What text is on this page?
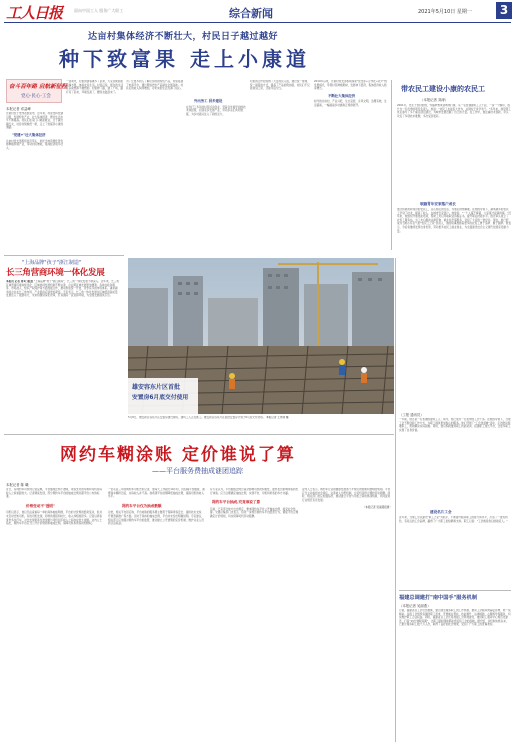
工人日报	面向中国工人 服务广大职工	综合新闻	2021年5月10日 星期一	3
达亩村集体经济不断壮大，村民日子越过越好
种下致富果 走上小康道
奋斗百年路 启航新征程
党心·民心·工会
本报记者 邓益峰
达亩村位于贵州省凯里市，近年来，村里坚持党建引领，发展特色产业，壮大集体经济，群众生活水平不断提高。村民们在家门口就能就业，日子越过越红火，村容村貌焕然一新，走上了致富奔小康的道路。
"党建+"壮大集体经济
达亩村党支部组织党员带头，依托当地资源优势发展种植养殖产业，带动村民增收，集体经济逐年壮大。
一到周末，村里的游客就多了起来，大家到果园里采摘水果，体验农家生活。村民们说，现在的生活是以前想都不敢想的。村里修了路，建了广场，路灯亮了起来，环境变美了，腰包也鼓起来了。
为了让更多的人了解达亩村的特色产品，村里搭建了电商平台，通过网络把农产品销往全国各地。村民们的收入持续增加，对未来的生活充满了信心。
外出务工 回乡建设
在外打工多年的村民返乡创业，带着在外面学到的技术和经验，回到家乡发展产业，带动乡亲们共同致富，为乡村振兴注入了新的活力。
村里的合作社吸纳了大量村民入股，通过统一管理、统一销售的方式，提高了产品的附加值，村民们不仅能领到工资，还能年底分红。
2019年以来，达亩村党支部积极探索"党支部+合作社+农户"的发展模式，带领村民种植果树，发展林下经济，集体经济收入稳步增长。
不断壮大集体经济
如今的达亩村，产业兴旺，生态宜居，乡风文明，治理有效，生活富裕，一幅美丽乡村画卷正徐徐展开。
带农民工建设小康的农民工
（本报记者 刘涛）
2001年，出生于农村的他，怀揣梦想来到城市打拼，从一名普通建筑工人干起，一步一个脚印，成长为一名优秀的项目负责人。他说："农民工也能有大作为，关键在于肯学肯干。"多年来，他带领工友们参与了多个重点项目建设，为城市发展贡献了自己的力量。在工作中，他注重技术创新，带头攻克了多项技术难题，多次受到表彰。
领跑青年安家落户成长
他还积极帮助身边的农民工，关心他们的生活，为他们排忧解难。在他的带领下，越来越多的农民工学到了技术，提高了收入，在城市安家落户。他常说："一个人富不算富，大家富才是真的富。"近年来，他组织开展技能培训，帮助工友们考取职业资格证书，提升职业技能水平。他还牵头成立了农民工服务站，为工友们提供法律咨询、就业信息等服务，受到了大家的一致好评。现在，他已经成为当地小有名气的"农民工之家"负责人，他的故事激励着更多的农民工勇于追梦、敢于圆梦。他表示，今后将继续发挥自身优势，带动更多农民工就业创业，为全面建设社会主义现代化国家贡献力量。
"上海品牌"孩子"浙江制造"
长三角营商环境一体化发展
本报讯 记者 周1日报道 "上海品牌"孩子"浙江制造"，长三角一体化发展不断深入。近年来，长三角区域营商环境持续优化，区域协同发展机制不断完善，企业跨区域发展更加便利。各地在政务服务、市场准入、知识产权保护等方面加强合作，推动形成统一开放、竞争有序的市场体系。越来越多的企业在长三角布局，产业链供应链更加紧密。专家表示，长三角一体化发展为区域经济高质量发展注入了强劲动力，未来将继续深化改革，打造国际一流营商环境，为全国发展提供示范。
雄安容东片区首批
安置房6月底交付使用
5月8日，雄安新区容东片区安置房建设现场，建筑工人正在施工。雄安新区容东片区首批安置房计划于6月底交付使用。 本报记者 王伟伟 摄
网约车糊涂账 定价谁说了算
——平台服务费抽成谜团追踪
本报记者 陈 曦
近日，有网约车司机向记者反映，平台抽成比例不透明，乘客支付的车费和司机实际收入之间差距较大。记者调查发现，部分网约车平台的抽成比例远超平台公布的标准。
价格变动不"透明"
司机们表示，他们无法查看每一单的具体抽成明细，平台的计价规则经常变动，但并未及时告知司机。有的司机发现，同样的里程和时长，收入却相差很多。记者以乘客身份多次打车，对比发现乘客付款金额与司机到手收入之间存在较大差额。业内人士指出，网约车平台应当公开计价规则和抽成比例，保障司机和乘客的知情权。
一位从业三年的网约车司机告诉记者，他每天工作超过10小时，但扣除平台抽成、油费和车辆折旧后，实际收入并不高。他希望平台能够降低抽成比例，提高司机的收入水平。
网约车平台仅为抽成数额
对此，相关平台回应称，平台收取的服务费主要用于保障乘客安全、提供技术支持、开展营销推广等方面。但对于具体的抽成比例，平台并未给出明确说明。专家建议，相关部门应加强对网约车平台的监管，推动建立公开透明的定价机制，维护从业人员的合法权益。
有专家认为，平台抽成比例过高会影响司机的积极性，最终也会影响乘客的出行体验。应当合理确定抽成比例，实现平台、司机和乘客的多方共赢。
网约车平台抽成,究竟谁说了算
目前，已有部分地方出台规定，要求网约车平台公开抽成比例，接受社会监督。交通运输部门也表示，将进一步规范网约车平台经营行为，督促平台合理确定计价规则，切实保障司机劳动报酬。
业内人士表示，网约车行业的健康发展离不开规范的管理和透明的规则。平台应当主动承担社会责任，完善收入分配机制，让司机获得合理的劳动报酬。同时，相关部门也应加强指导，推动建立平台与司机之间的协商机制，共同促进行业规范有序发展。
（本报记者 吴丽燕报道）
（工报 通讯员）
一年前，他还是一名普通的建筑工人；如今，他已成为一名优秀的工会干部。在他的带领下，当地工会不断创新工作方式，为职工提供更加贴心的服务。他们开展了"工会送温暖"活动，走访慰问困难职工，帮助解决实际困难。同时，他们积极推进职工技能培训，搭建职工成长平台，让更多职工实现了自身价值。
建设名片工会
近年来，当地工会以建设"职工之家"为抓手，不断提升服务职工的能力和水平，打造了一批有特色、有亮点的工会品牌，赢得了广大职工的信赖和支持。职工们说："工会就是我们的娘家人。"
福建总调建打"南中国手"服务机制
（本报记者 吴丽燕）
日前，福建省总工会出台措施，建立健全服务职工的工作机制，推动工会服务向基层延伸、向一线倾斜。各级工会组织将围绕职工需求，开展就业帮扶、技能提升、法律援助、心理疏导等服务，切实维护职工合法权益。同时，福建省总工会还将加强工会阵地建设，推进职工服务中心规范化建设，打造"15分钟服务圈"，让职工随时随地都能感受到工会的温暖。据介绍，该机制实施以来，已累计服务职工数十万人次，取得了良好的社会效果，受到了广大职工的普遍欢迎。
